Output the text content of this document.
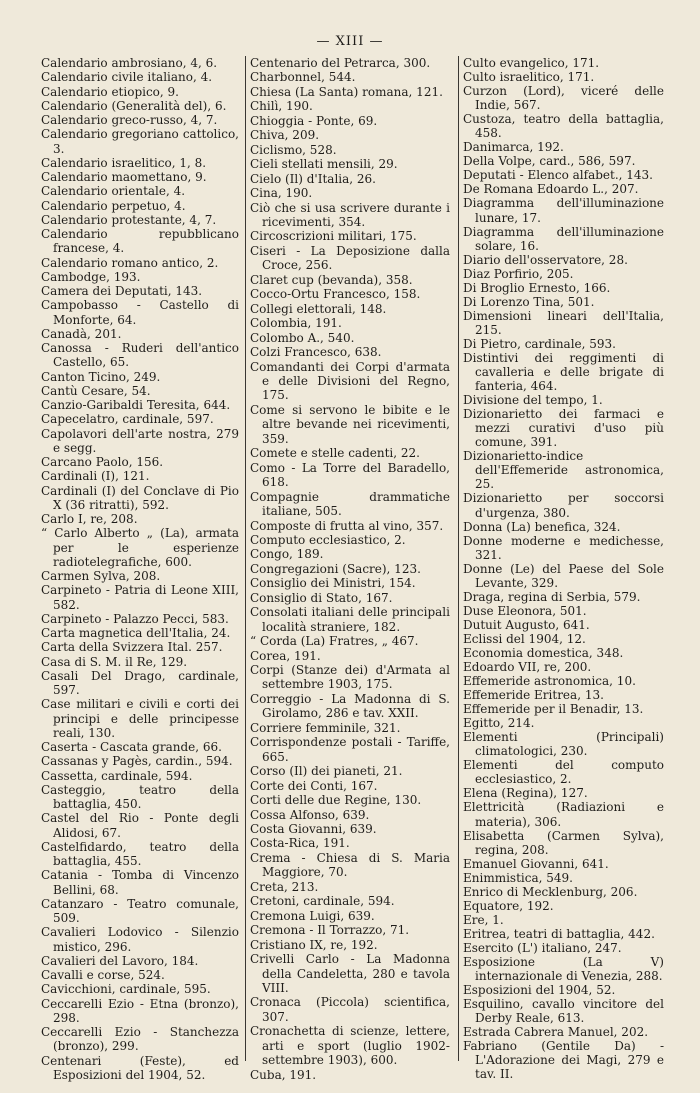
— XIII —

Calendario ambrosiano, 4, 6.

Calendario civile italiano, 4.

Calendario etiopico, 9.

Calendario (Generalità del), 6.

Calendario greco-russo, 4, 7.

Calendario gregoriano cattolico, 3.

Calendario israelitico, 1, 8.

Calendario maomettano, 9.

Calendario orientale, 4.

Calendario perpetuo, 4.

Calendario protestante, 4, 7.

Calendario repubblicano francese, 4.

Calendario romano antico, 2.

Cambodge, 193.

Camera dei Deputati, 143.

Campobasso - Castello di Monforte, 64.

Canadà, 201.

Canossa - Ruderi dell'antico Castello, 65.

Canton Ticino, 249.

Cantù Cesare, 54.

Canzio-Garibaldi Teresita, 644.

Capecelatro, cardinale, 597.

Capolavori dell'arte nostra, 279 e segg.

Carcano Paolo, 156.

Cardinali (I), 121.

Cardinali (I) del Conclave di Pio X (36 ritratti), 592.

Carlo I, re, 208.

“ Carlo Alberto „ (La), armata per le esperienze radiotelegrafiche, 600.

Carmen Sylva, 208.

Carpineto - Patria di Leone XIII, 582.

Carpineto - Palazzo Pecci, 583.

Carta magnetica dell'Italia, 24.

Carta della Svizzera Ital. 257.

Casa di S. M. il Re, 129.

Casali Del Drago, cardinale, 597.

Case militari e civili e corti dei principi e delle principesse reali, 130.

Caserta - Cascata grande, 66.

Cassanas y Pagès, cardin., 594.

Cassetta, cardinale, 594.

Casteggio, teatro della battaglia, 450.

Castel del Rio - Ponte degli Alidosi, 67.

Castelfidardo, teatro della battaglia, 455.

Catania - Tomba di Vincenzo Bellini, 68.

Catanzaro - Teatro comunale, 509.

Cavalieri Lodovico - Silenzio mistico, 296.

Cavalieri del Lavoro, 184.

Cavalli e corse, 524.

Cavicchioni, cardinale, 595.

Ceccarelli Ezio - Etna (bronzo), 298.

Ceccarelli Ezio - Stanchezza (bronzo), 299.

Centenari (Feste), ed Esposizioni del 1904, 52.

Centenario del Petrarca, 300.

Charbonnel, 544.

Chiesa (La Santa) romana, 121.

Chilì, 190.

Chioggia - Ponte, 69.

Chiva, 209.

Ciclismo, 528.

Cieli stellati mensili, 29.

Cielo (Il) d'Italia, 26.

Cina, 190.

Ciò che si usa scrivere durante i ricevimenti, 354.

Circoscrizioni militari, 175.

Ciseri - La Deposizione dalla Croce, 256.

Claret cup (bevanda), 358.

Cocco-Ortu Francesco, 158.

Collegi elettorali, 148.

Colombia, 191.

Colombo A., 540.

Colzi Francesco, 638.

Comandanti dei Corpi d'armata e delle Divisioni del Regno, 175.

Come si servono le bibite e le altre bevande nei ricevimenti, 359.

Comete e stelle cadenti, 22.

Como - La Torre del Baradello, 618.

Compagnie drammatiche italiane, 505.

Composte di frutta al vino, 357.

Computo ecclesiastico, 2.

Congo, 189.

Congregazioni (Sacre), 123.

Consiglio dei Ministri, 154.

Consiglio di Stato, 167.

Consolati italiani delle principali località straniere, 182.

“ Corda (La) Fratres, „ 467.

Corea, 191.

Corpi (Stanze dei) d'Armata al settembre 1903, 175.

Correggio - La Madonna di S. Girolamo, 286 e tav. XXII.

Corriere femminile, 321.

Corrispondenze postali - Tariffe, 665.

Corso (Il) dei pianeti, 21.

Corte dei Conti, 167.

Corti delle due Regine, 130.

Cossa Alfonso, 639.

Costa Giovanni, 639.

Costa-Rica, 191.

Crema - Chiesa di S. Maria Maggiore, 70.

Creta, 213.

Cretoni, cardinale, 594.

Cremona Luigi, 639.

Cremona - Il Torrazzo, 71.

Cristiano IX, re, 192.

Crivelli Carlo - La Madonna della Candeletta, 280 e tavola VIII.

Cronaca (Piccola) scientifica, 307.

Cronachetta di scienze, lettere, arti e sport (luglio 1902-settembre 1903), 600.

Cuba, 191.

Culto evangelico, 171.

Culto israelitico, 171.

Curzon (Lord), viceré delle Indie, 567.

Custoza, teatro della battaglia, 458.

Danimarca, 192.

Della Volpe, card., 586, 597.

Deputati - Elenco alfabet., 143.

De Romana Edoardo L., 207.

Diagramma dell'illuminazione lunare, 17.

Diagramma dell'illuminazione solare, 16.

Diario dell'osservatore, 28.

Diaz Porfirio, 205.

Di Broglio Ernesto, 166.

Di Lorenzo Tina, 501.

Dimensioni lineari dell'Italia, 215.

Di Pietro, cardinale, 593.

Distintivi dei reggimenti di cavalleria e delle brigate di fanteria, 464.

Divisione del tempo, 1.

Dizionarietto dei farmaci e mezzi curativi d'uso più comune, 391.

Dizionarietto-indice dell'Effemeride astronomica, 25.

Dizionarietto per soccorsi d'urgenza, 380.

Donna (La) benefica, 324.

Donne moderne e medichesse, 321.

Donne (Le) del Paese del Sole Levante, 329.

Draga, regina di Serbia, 579.

Duse Eleonora, 501.

Dutuit Augusto, 641.

Eclissi del 1904, 12.

Economia domestica, 348.

Edoardo VII, re, 200.

Effemeride astronomica, 10.

Effemeride Eritrea, 13.

Effemeride per il Benadir, 13.

Egitto, 214.

Elementi (Principali) climatologici, 230.

Elementi del computo ecclesiastico, 2.

Elena (Regina), 127.

Elettricità (Radiazioni e materia), 306.

Elisabetta (Carmen Sylva), regina, 208.

Emanuel Giovanni, 641.

Enimmistica, 549.

Enrico di Mecklenburg, 206.

Equatore, 192.

Ere, 1.

Eritrea, teatri di battaglia, 442.

Esercito (L') italiano, 247.

Esposizione (La V) internazionale di Venezia, 288.

Esposizioni del 1904, 52.

Esquilino, cavallo vincitore del Derby Reale, 613.

Estrada Cabrera Manuel, 202.

Fabriano (Gentile Da) - L'Adorazione dei Magi, 279 e tav. II.
